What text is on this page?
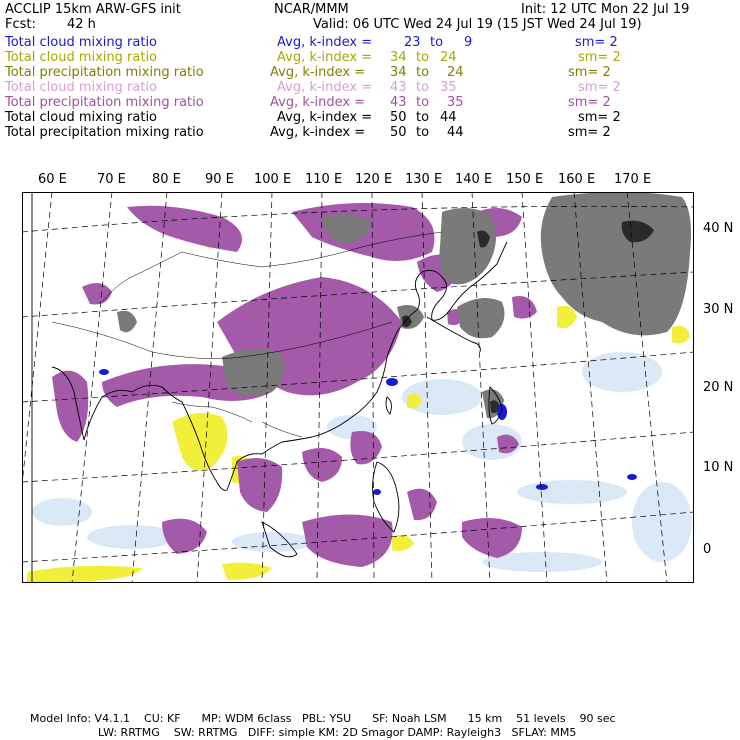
ACCLIP 15km ARW-GFS init	NCAR/MMM	Init: 12 UTC Mon 22 Jul 19
Fcst: 42 h	Valid: 06 UTC Wed 24 Jul 19 (15 JST Wed 24 Jul 19)
Total cloud mixing ratio	Avg, k-index = 23 to 9	sm= 2
Total cloud mixing ratio	Avg, k-index = 34 to 24	sm= 2
Total precipitation mixing ratio	Avg, k-index = 34 to 24	sm= 2
Total cloud mixing ratio	Avg, k-index = 43 to 35	sm= 2
Total precipitation mixing ratio	Avg, k-index = 43 to 35	sm= 2
Total cloud mixing ratio	Avg, k-index = 50 to 44	sm= 2
Total precipitation mixing ratio	Avg, k-index = 50 to 44	sm= 2
60 E 70 E 80 E 90 E 100 E 110 E 120 E 130 E 140 E 150 E 160 E 170 E
40 N
30 N
20 N
10 N
0
Model Info: V4.1.1    CU: KF      MP: WDM 6class   PBL: YSU      SF: Noah LSM      15 km    51 levels    90 sec
LW: RRTMG    SW: RRTMG   DIFF: simple KM: 2D Smagor DAMP: Rayleigh3   SFLAY: MM5
